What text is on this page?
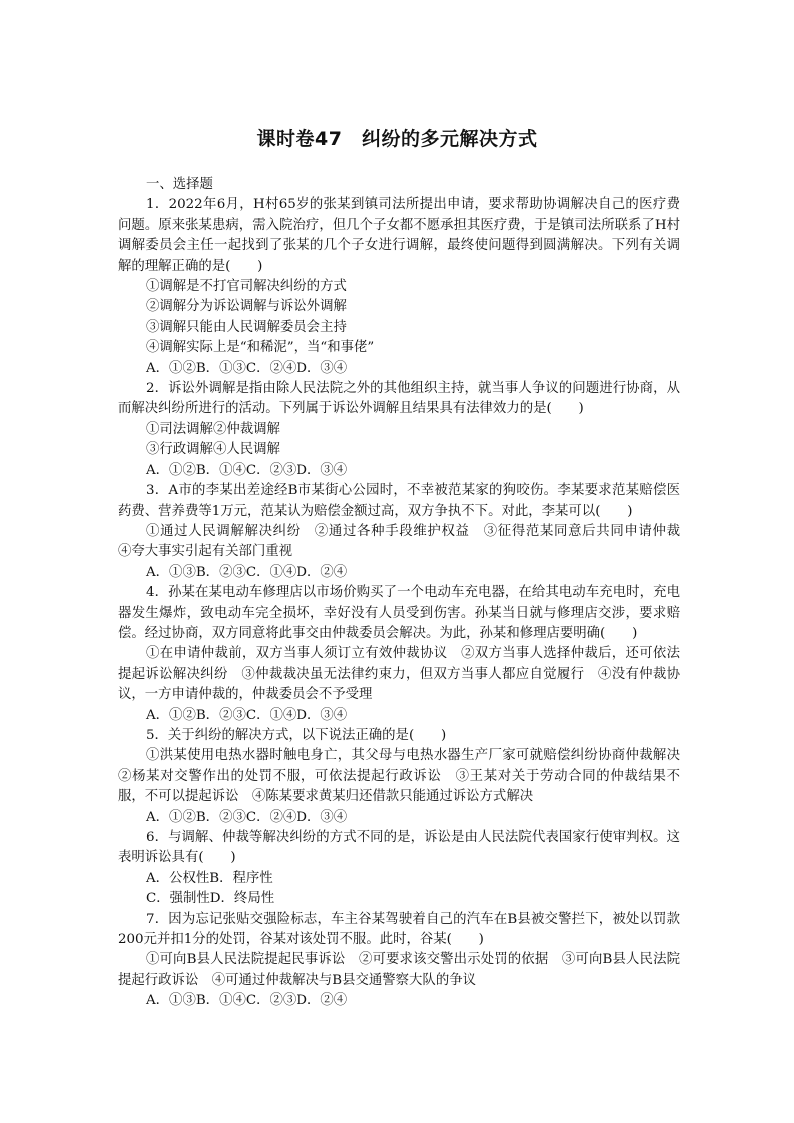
课时卷47　纠纷的多元解决方式
一、选择题

1．2022年6月，H村65岁的张某到镇司法所提出申请，要求帮助协调解决自己的医疗费问题。原来张某患病，需入院治疗，但几个子女都不愿承担其医疗费，于是镇司法所联系了H村调解委员会主任一起找到了张某的几个子女进行调解，最终使问题得到圆满解决。下列有关调解的理解正确的是(　　)

①调解是不打官司解决纠纷的方式

②调解分为诉讼调解与诉讼外调解

③调解只能由人民调解委员会主持

④调解实际上是“和稀泥”，当“和事佬”

A．①②B．①③C．②④D．③④

2．诉讼外调解是指由除人民法院之外的其他组织主持，就当事人争议的问题进行协商，从而解决纠纷所进行的活动。下列属于诉讼外调解且结果具有法律效力的是(　　)

①司法调解②仲裁调解

③行政调解④人民调解

A．①②B．①④C．②③D．③④

3．A市的李某出差途经B市某街心公园时，不幸被范某家的狗咬伤。李某要求范某赔偿医药费、营养费等1万元，范某认为赔偿金额过高，双方争执不下。对此，李某可以(　　)

①通过人民调解解决纠纷　②通过各种手段维护权益　③征得范某同意后共同申请仲裁　④夸大事实引起有关部门重视

A．①③B．②③C．①④D．②④

4．孙某在某电动车修理店以市场价购买了一个电动车充电器，在给其电动车充电时，充电器发生爆炸，致电动车完全损坏，幸好没有人员受到伤害。孙某当日就与修理店交涉，要求赔偿。经过协商，双方同意将此事交由仲裁委员会解决。为此，孙某和修理店要明确(　　)

①在申请仲裁前，双方当事人须订立有效仲裁协议　②双方当事人选择仲裁后，还可依法提起诉讼解决纠纷　③仲裁裁决虽无法律约束力，但双方当事人都应自觉履行　④没有仲裁协议，一方申请仲裁的，仲裁委员会不予受理

A．①②B．②③C．①④D．③④

5．关于纠纷的解决方式，以下说法正确的是(　　)

①洪某使用电热水器时触电身亡，其父母与电热水器生产厂家可就赔偿纠纷协商仲裁解决　②杨某对交警作出的处罚不服，可依法提起行政诉讼　③王某对关于劳动合同的仲裁结果不服，不可以提起诉讼　④陈某要求黄某归还借款只能通过诉讼方式解决

A．①②B．②③C．②④D．③④

6．与调解、仲裁等解决纠纷的方式不同的是，诉讼是由人民法院代表国家行使审判权。这表明诉讼具有(　　)

A．公权性B．程序性

C．强制性D．终局性

7．因为忘记张贴交强险标志，车主谷某驾驶着自己的汽车在B县被交警拦下，被处以罚款200元并扣1分的处罚，谷某对该处罚不服。此时，谷某(　　)

①可向B县人民法院提起民事诉讼　②可要求该交警出示处罚的依据　③可向B县人民法院提起行政诉讼　④可通过仲裁解决与B县交通警察大队的争议

A．①③B．①④C．②③D．②④
